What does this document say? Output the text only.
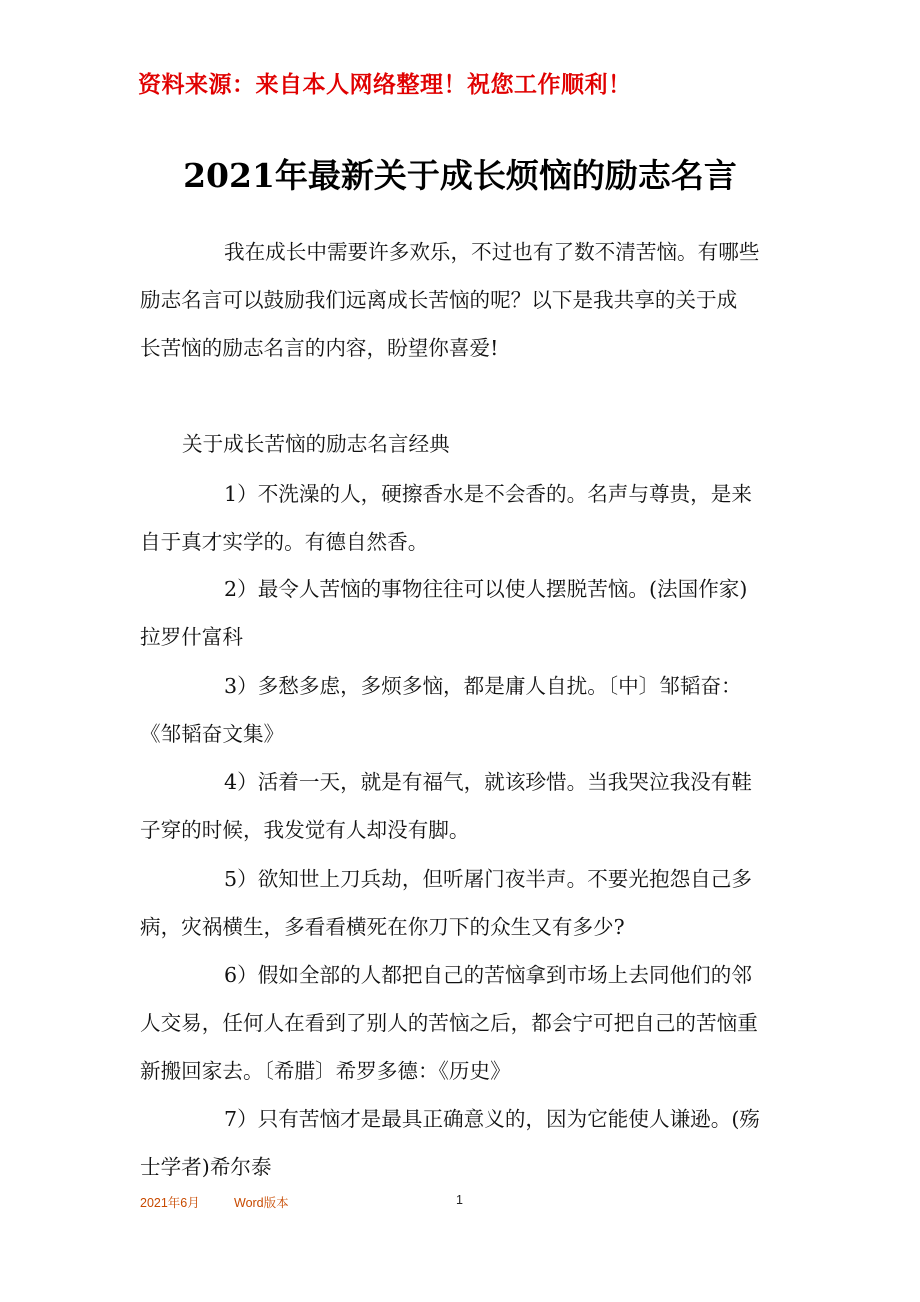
资料来源：来自本人网络整理！祝您工作顺利！
2021年最新关于成长烦恼的励志名言
我在成长中需要许多欢乐，不过也有了数不清苦恼。有哪些
励志名言可以鼓励我们远离成长苦恼的呢？以下是我共享的关于成
长苦恼的励志名言的内容，盼望你喜爱!
关于成长苦恼的励志名言经典
1）不洗澡的人，硬擦香水是不会香的。名声与尊贵，是来
自于真才实学的。有德自然香。
2）最令人苦恼的事物往往可以使人摆脱苦恼。(法国作家)
拉罗什富科
3）多愁多虑，多烦多恼，都是庸人自扰。〔中〕邹韬奋：
《邹韬奋文集》
4）活着一天，就是有福气，就该珍惜。当我哭泣我没有鞋
子穿的时候，我发觉有人却没有脚。
5）欲知世上刀兵劫，但听屠门夜半声。不要光抱怨自己多
病，灾祸横生，多看看横死在你刀下的众生又有多少?
6）假如全部的人都把自己的苦恼拿到市场上去同他们的邻
人交易，任何人在看到了别人的苦恼之后，都会宁可把自己的苦恼重
新搬回家去。〔希腊〕希罗多德：《历史》
7）只有苦恼才是最具正确意义的，因为它能使人谦逊。(殇
士学者)希尔泰
2021年6月	Word版本	1
